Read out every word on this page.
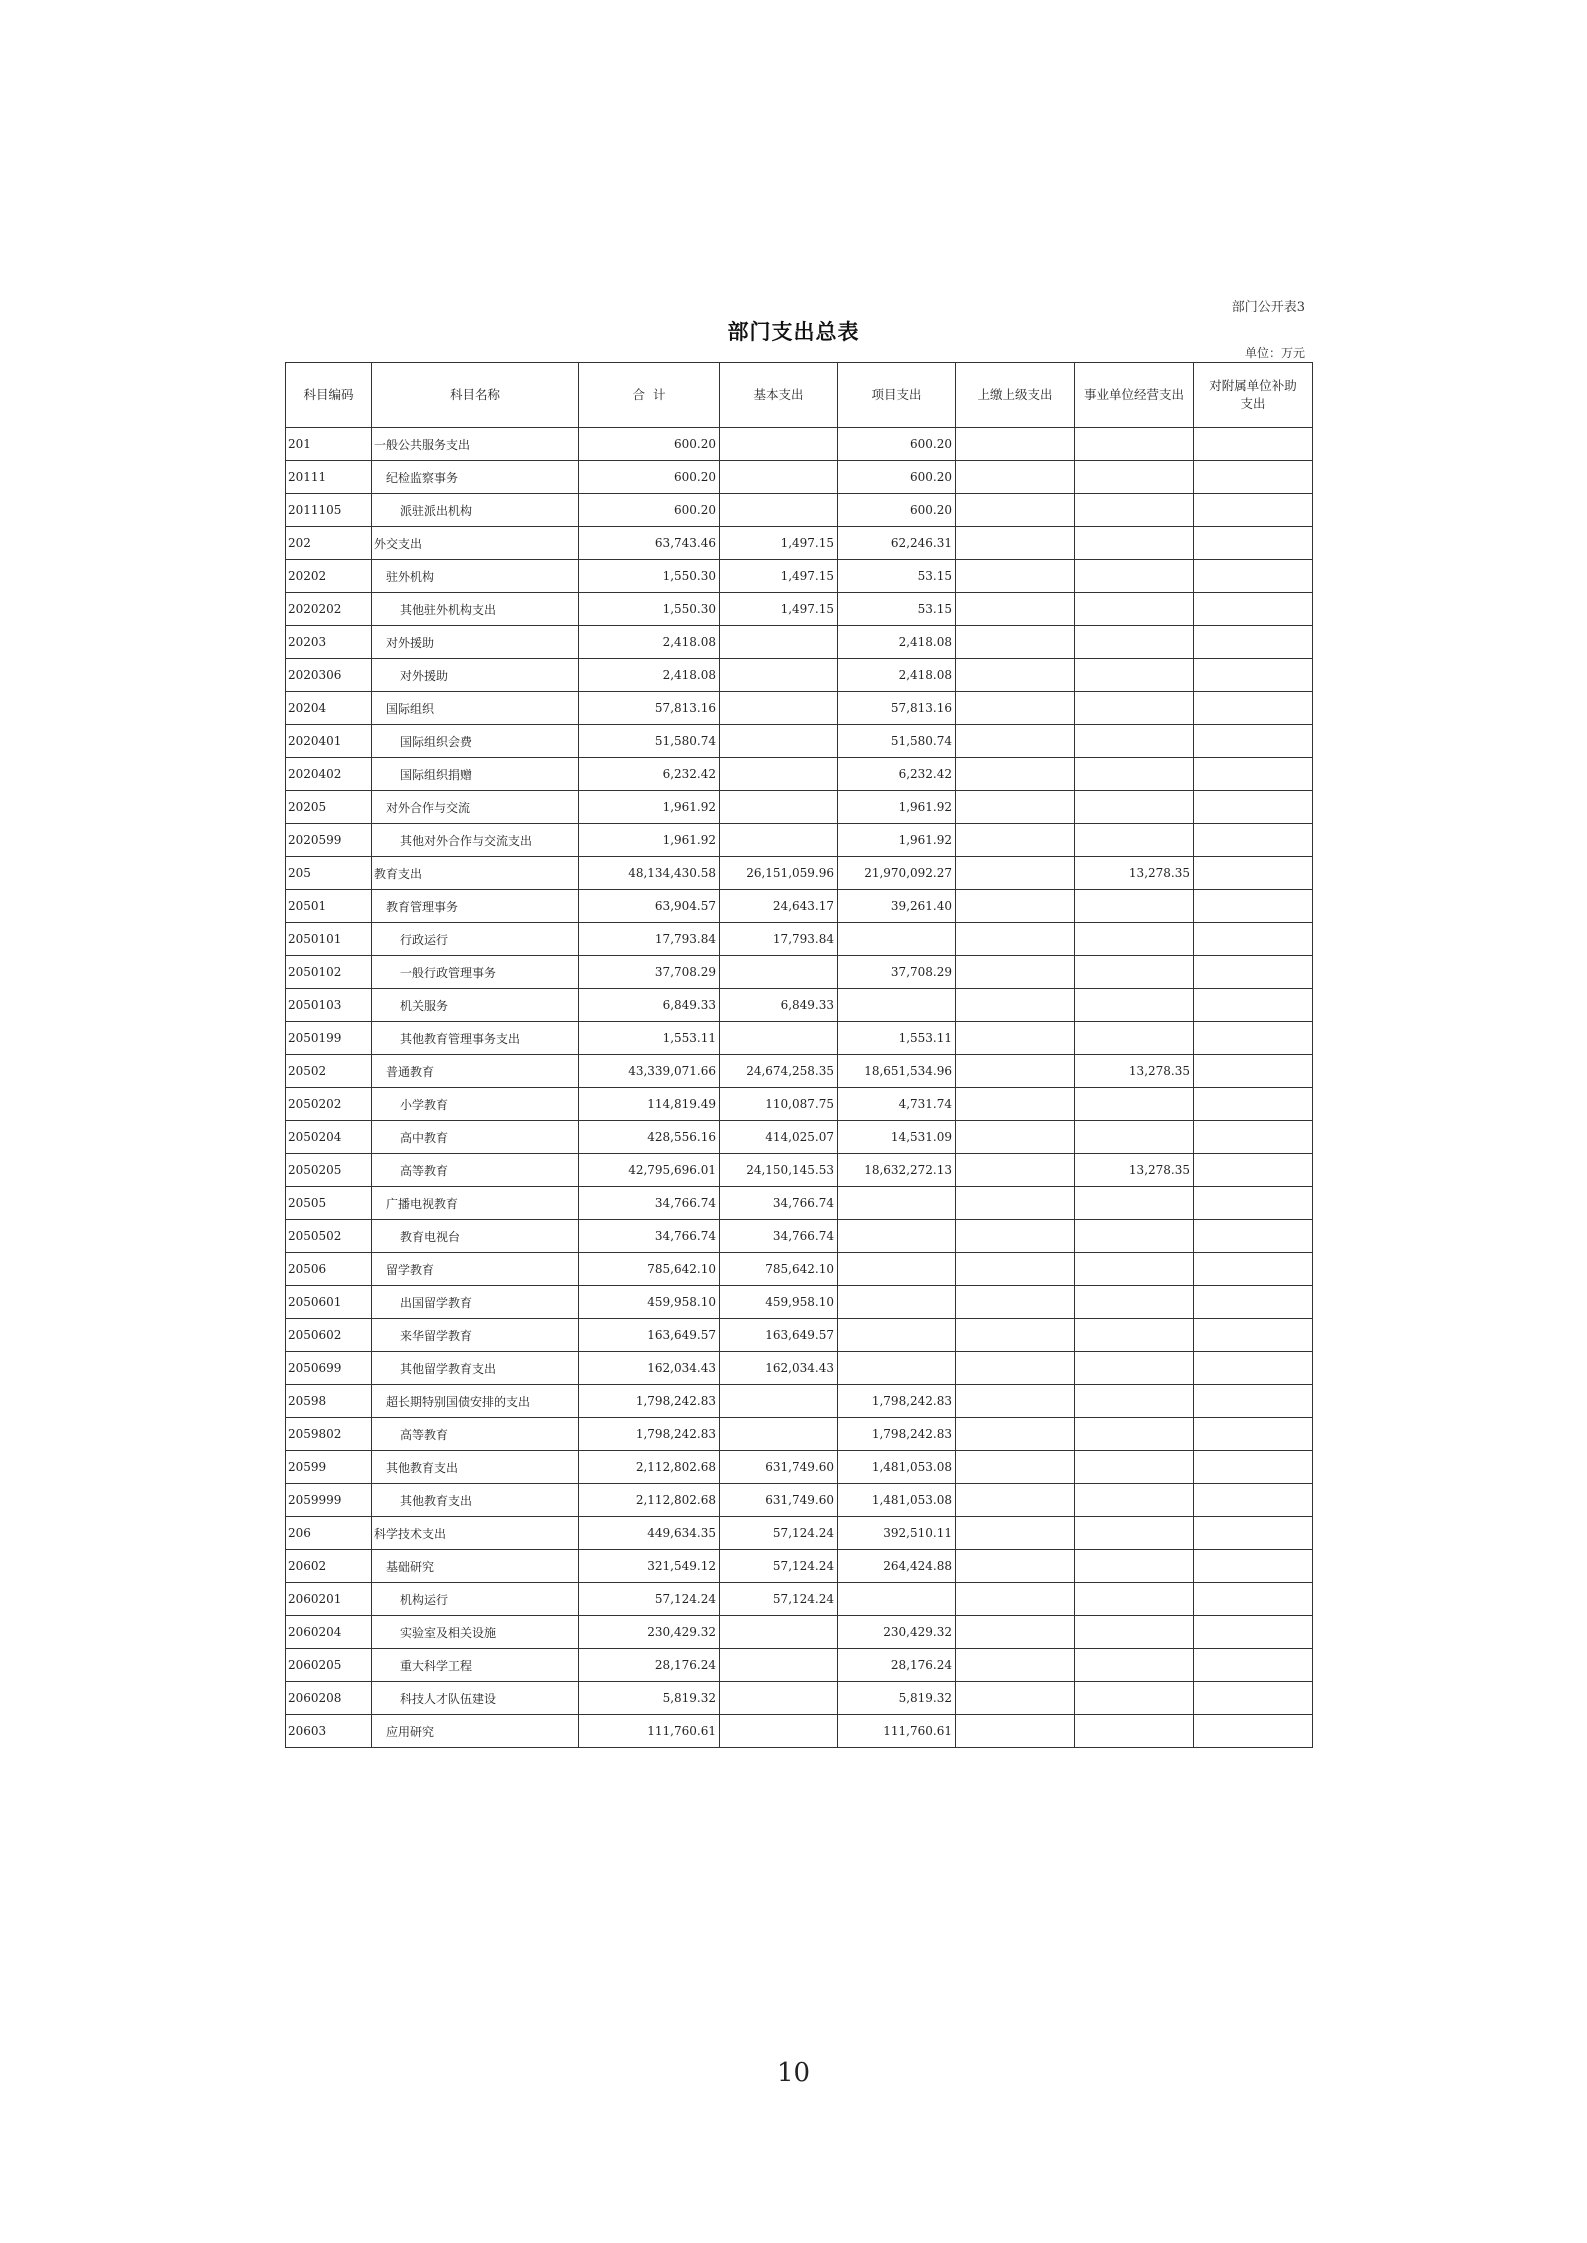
部门公开表3
部门支出总表
单位：万元
科目编码	科目名称	合  计	基本支出	项目支出	上缴上级支出	事业单位经营支出	对附属单位补助支出
201	一般公共服务支出	600.20		600.20			
20111	纪检监察事务	600.20		600.20			
2011105	派驻派出机构	600.20		600.20			
202	外交支出	63,743.46	1,497.15	62,246.31			
20202	驻外机构	1,550.30	1,497.15	53.15			
2020202	其他驻外机构支出	1,550.30	1,497.15	53.15			
20203	对外援助	2,418.08		2,418.08			
2020306	对外援助	2,418.08		2,418.08			
20204	国际组织	57,813.16		57,813.16			
2020401	国际组织会费	51,580.74		51,580.74			
2020402	国际组织捐赠	6,232.42		6,232.42			
20205	对外合作与交流	1,961.92		1,961.92			
2020599	其他对外合作与交流支出	1,961.92		1,961.92			
205	教育支出	48,134,430.58	26,151,059.96	21,970,092.27		13,278.35	
20501	教育管理事务	63,904.57	24,643.17	39,261.40			
2050101	行政运行	17,793.84	17,793.84				
2050102	一般行政管理事务	37,708.29		37,708.29			
2050103	机关服务	6,849.33	6,849.33				
2050199	其他教育管理事务支出	1,553.11		1,553.11			
20502	普通教育	43,339,071.66	24,674,258.35	18,651,534.96		13,278.35	
2050202	小学教育	114,819.49	110,087.75	4,731.74			
2050204	高中教育	428,556.16	414,025.07	14,531.09			
2050205	高等教育	42,795,696.01	24,150,145.53	18,632,272.13		13,278.35	
20505	广播电视教育	34,766.74	34,766.74				
2050502	教育电视台	34,766.74	34,766.74				
20506	留学教育	785,642.10	785,642.10				
2050601	出国留学教育	459,958.10	459,958.10				
2050602	来华留学教育	163,649.57	163,649.57				
2050699	其他留学教育支出	162,034.43	162,034.43				
20598	超长期特别国债安排的支出	1,798,242.83		1,798,242.83			
2059802	高等教育	1,798,242.83		1,798,242.83			
20599	其他教育支出	2,112,802.68	631,749.60	1,481,053.08			
2059999	其他教育支出	2,112,802.68	631,749.60	1,481,053.08			
206	科学技术支出	449,634.35	57,124.24	392,510.11			
20602	基础研究	321,549.12	57,124.24	264,424.88			
2060201	机构运行	57,124.24	57,124.24				
2060204	实验室及相关设施	230,429.32		230,429.32			
2060205	重大科学工程	28,176.24		28,176.24			
2060208	科技人才队伍建设	5,819.32		5,819.32			
20603	应用研究	111,760.61		111,760.61			
10
